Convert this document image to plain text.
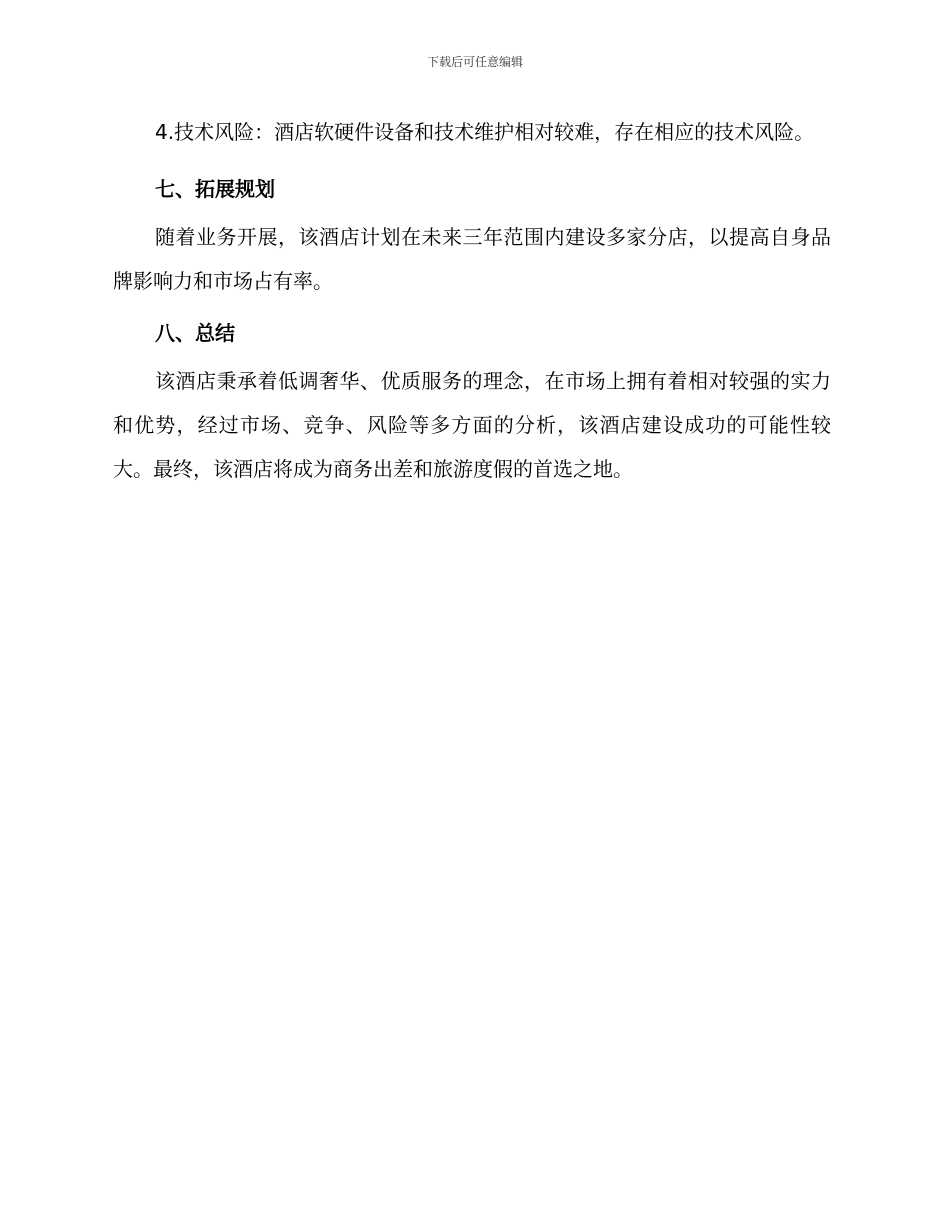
下载后可任意编辑

4.技术风险：酒店软硬件设备和技术维护相对较难，存在相应的技术风险。

七、拓展规划

随着业务开展，该酒店计划在未来三年范围内建设多家分店，以提高自身品牌影响力和市场占有率。

八、总结

该酒店秉承着低调奢华、优质服务的理念，在市场上拥有着相对较强的实力和优势，经过市场、竞争、风险等多方面的分析，该酒店建设成功的可能性较大。最终，该酒店将成为商务出差和旅游度假的首选之地。
